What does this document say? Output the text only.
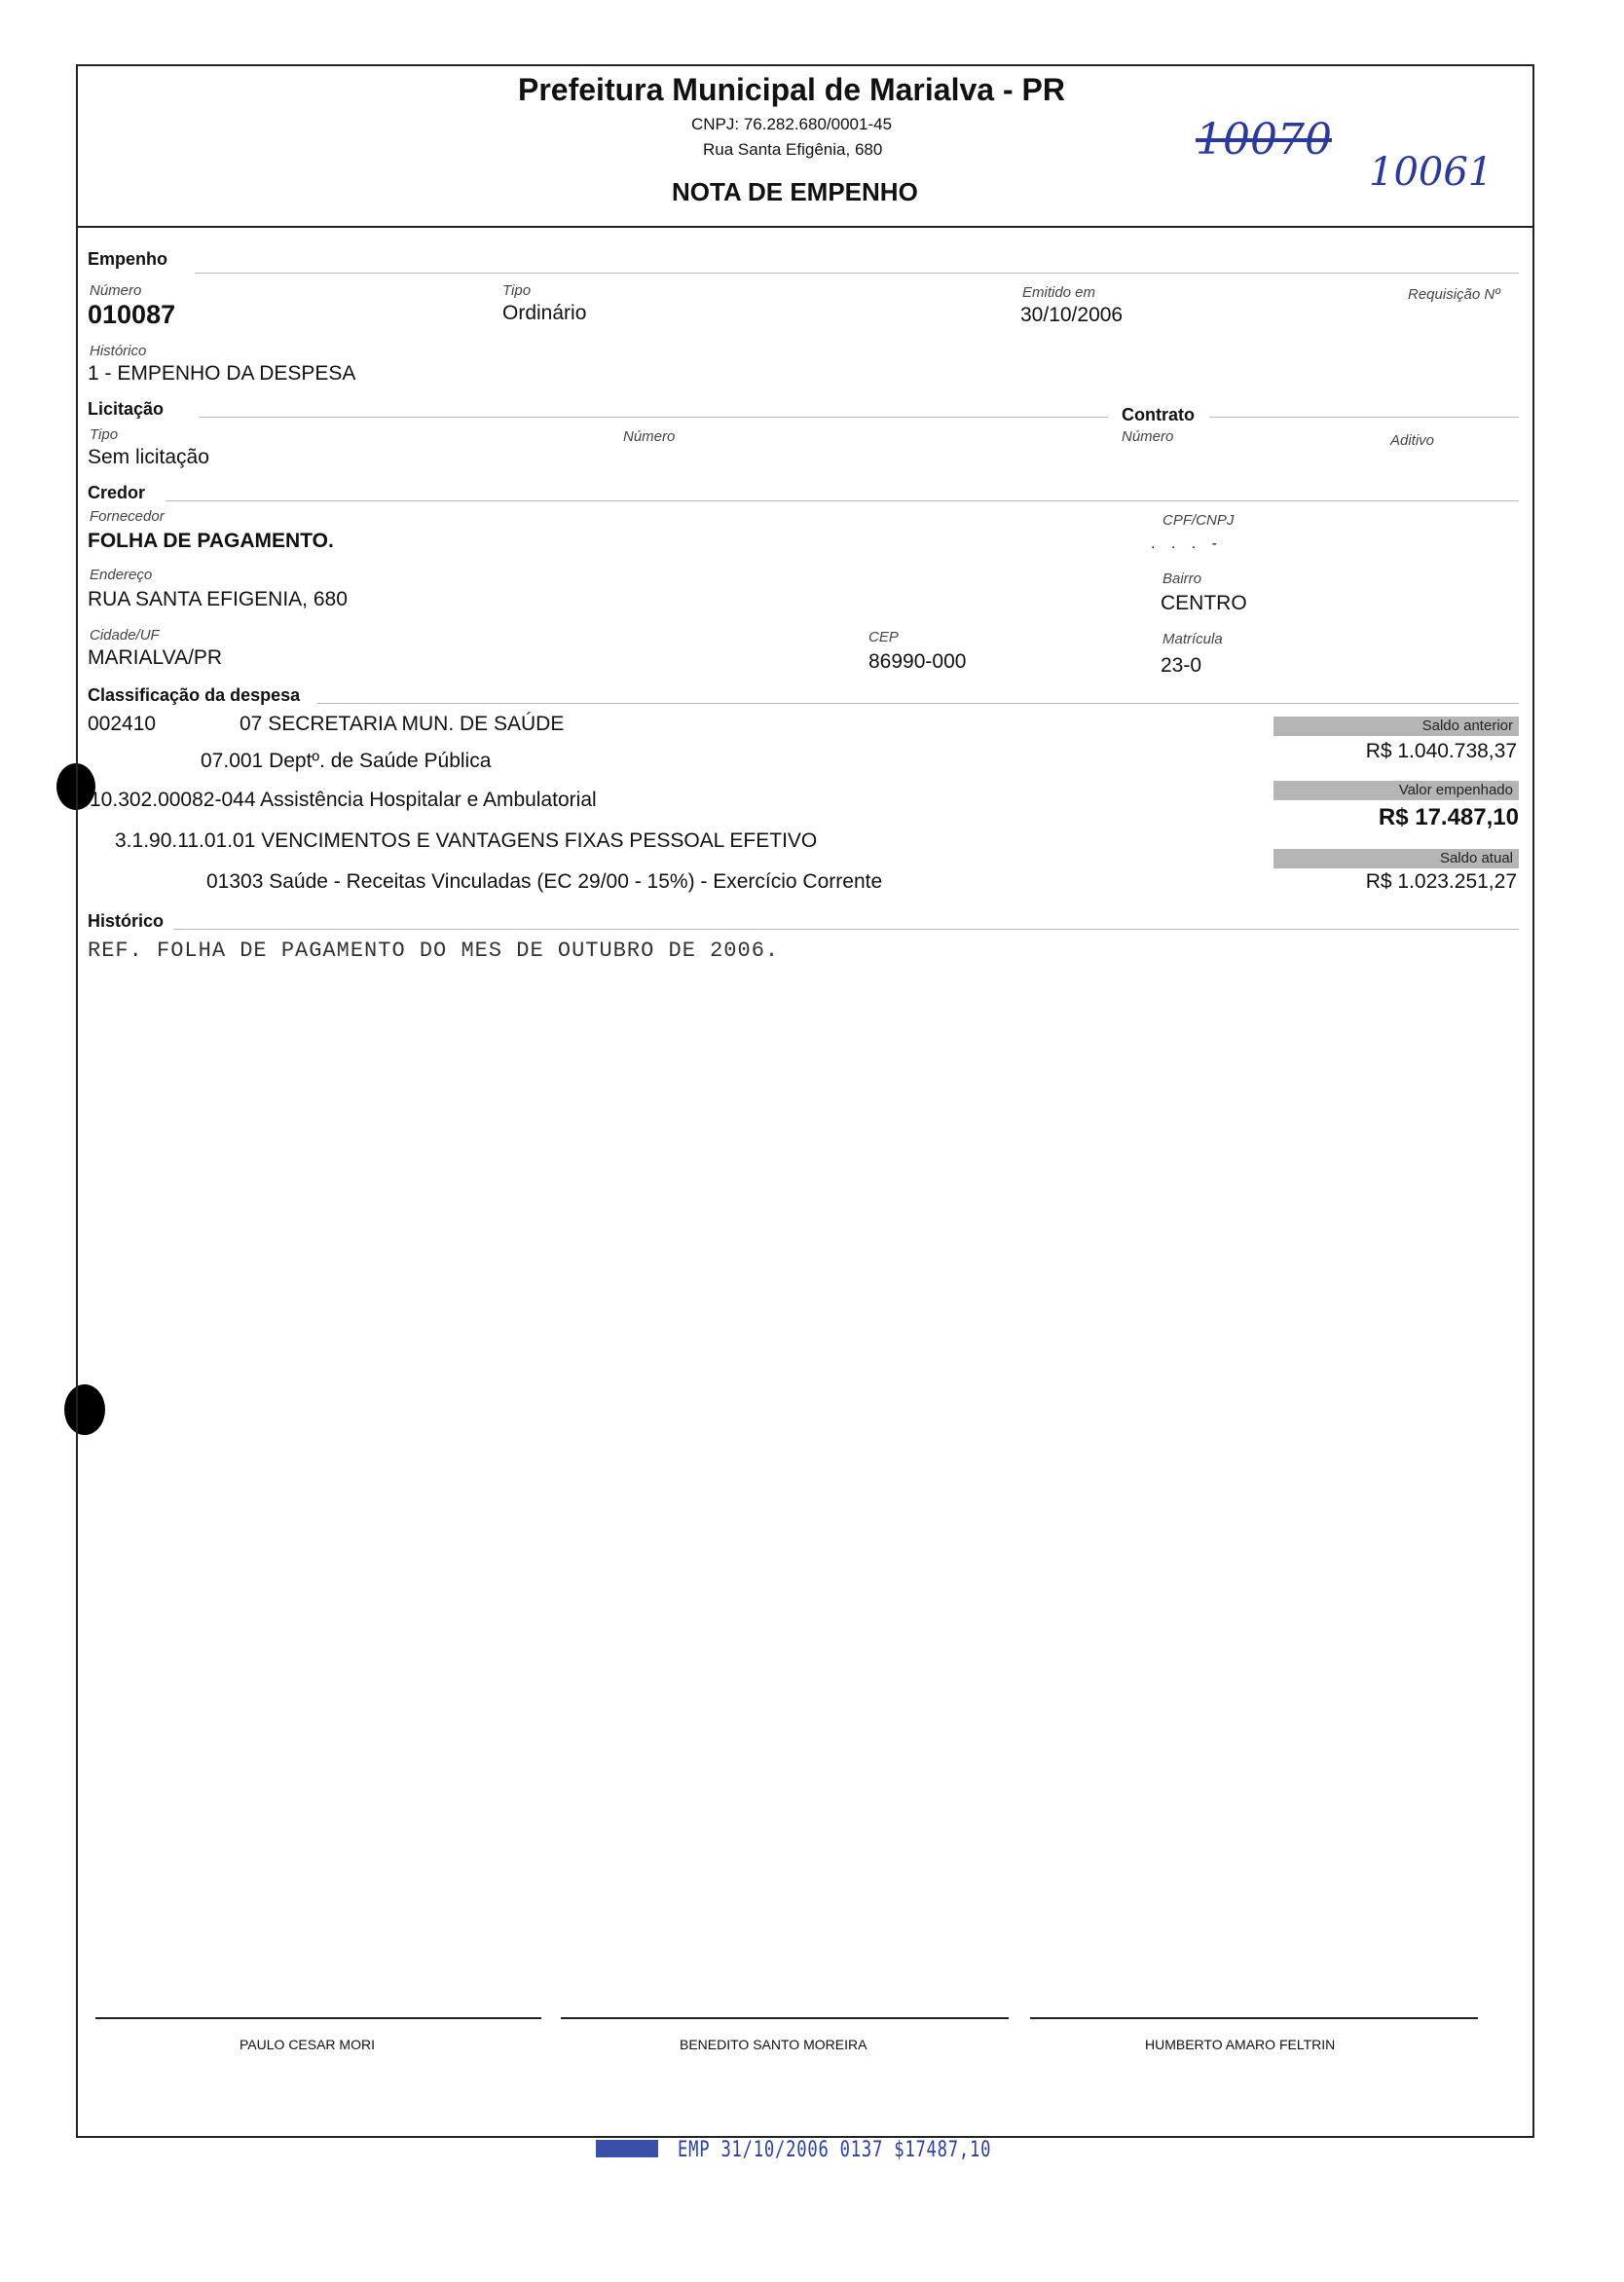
Prefeitura Municipal de Marialva - PR
CNPJ: 76.282.680/0001-45
Rua Santa Efigênia, 680
NOTA DE EMPENHO
10070
10061
Empenho
Número
010087
Tipo
Ordinário
Emitido em
30/10/2006
Requisição Nº
Histórico
1 - EMPENHO DA DESPESA
Licitação	Contrato
Tipo
Sem licitação
Número	Número	Aditivo
Credor
Fornecedor
FOLHA DE PAGAMENTO.
CPF/CNPJ
. . . -
Endereço
RUA SANTA EFIGENIA, 680
Bairro
CENTRO
Cidade/UF
MARIALVA/PR
CEP
86990-000
Matrícula
23-0
Classificação da despesa
002410	07 SECRETARIA MUN. DE SAÚDE
07.001 Deptº. de Saúde Pública
10.302.00082-044 Assistência Hospitalar e Ambulatorial
3.1.90.11.01.01 VENCIMENTOS E VANTAGENS FIXAS PESSOAL EFETIVO
01303 Saúde - Receitas Vinculadas (EC 29/00 - 15%) - Exercício Corrente
Saldo anterior
R$ 1.040.738,37
Valor empenhado
R$ 17.487,10
Saldo atual
R$ 1.023.251,27
Histórico
REF. FOLHA DE PAGAMENTO DO MES DE OUTUBRO DE 2006.
PAULO CESAR MORI	BENEDITO SANTO MOREIRA	HUMBERTO AMARO FELTRIN
EMP 31/10/2006 0137 $17487,10
